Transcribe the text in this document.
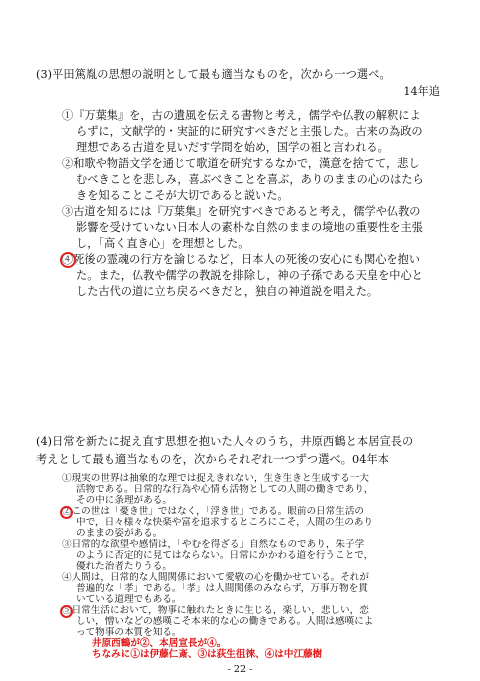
(3)平田篤胤の思想の説明として最も適当なものを，次から一つ選べ。
14年追
①『万葉集』を，古の遺風を伝える書物と考え，儒学や仏教の解釈によ
らずに，文献学的・実証的に研究すべきだと主張した。古来の為政の
理想である古道を見いだす学問を始め，国学の祖と言われる。
②和歌や物語文学を通じて歌道を研究するなかで，漢意を捨てて，悲し
むべきことを悲しみ，喜ぶべきことを喜ぶ，ありのままの心のはたら
きを知ることこそが大切であると説いた。
③古道を知るには『万葉集』を研究すべきであると考え，儒学や仏教の
影響を受けていない日本人の素朴な自然のままの境地の重要性を主張
し，「高く直き心」を理想とした。
④死後の霊魂の行方を論じるなど，日本人の死後の安心にも関心を抱い
た。また，仏教や儒学の教説を排除し，神の子孫である天皇を中心と
した古代の道に立ち戻るべきだと，独自の神道説を唱えた。
(4)日常を新たに捉え直す思想を抱いた人々のうち，井原西鶴と本居宣長の
考えとして最も適当なものを，次からそれぞれ一つずつ選べ。04年本
①現実の世界は抽象的な理では捉えきれない，生き生きと生成する一大
活物である。日常的な行為や心情も活物としての人間の働きであり，
その中に条理がある。
②この世は「憂き世」ではなく，「浮き世」である。眼前の日常生活の
中で，日々様々な快楽や富を追求するところにこそ，人間の生のあり
のままの姿がある。
③日常的な欲望や感情は，「やむを得ざる」自然なものであり，朱子学
のように否定的に見てはならない。日常にかかわる道を行うことで，
優れた治者たりうる。
④人間は，日常的な人間関係において愛敬の心を働かせている。それが
普遍的な「孝」である。「孝」は人間関係のみならず，万事万物を貫
いている道理でもある。
- 22 -
⑤日常生活において，物事に触れたときに生じる，楽しい，悲しい，恋
しい，憎いなどの感嘆こそ本来的な心の働きである。人間は感嘆によ
って物事の本質を知る。
井原西鶴が②、本居宣長が④。
ちなみに①は伊藤仁斎、③は荻生徂徠、④は中江藤樹
